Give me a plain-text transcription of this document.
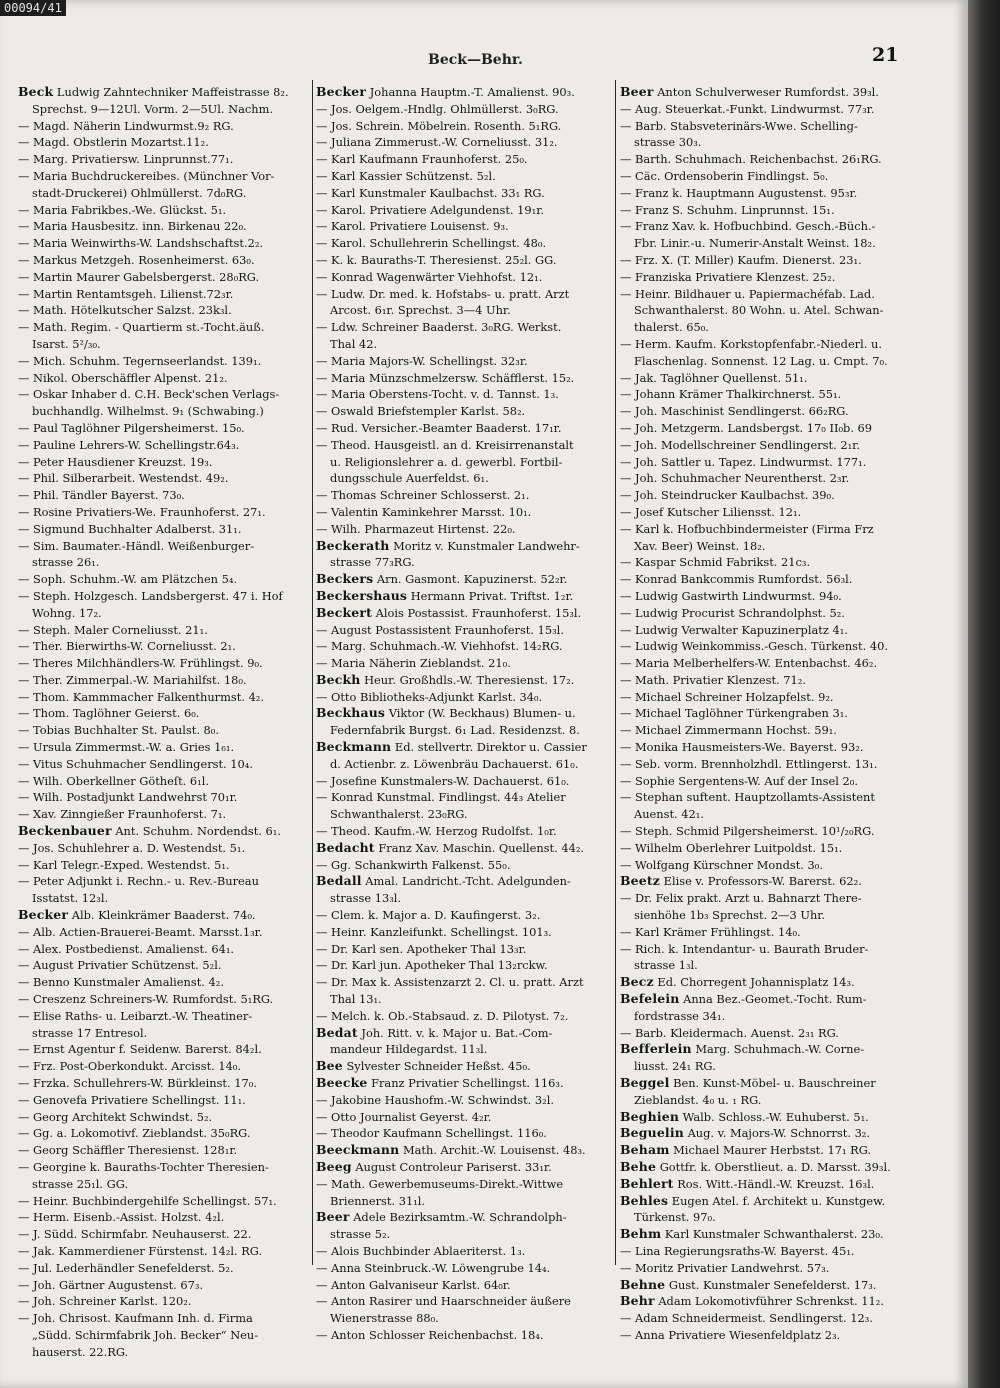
00094/41
Beck—Behr.	21
Beck Ludwig Zahntechniker Maffeistrasse 8₂.
Sprechst. 9—12Ul. Vorm. 2—5Ul. Nachm.
— Magd. Näherin Lindwurmst.9₂ RG.
— Magd. Obstlerin Mozartst.11₂.
— Marg. Privatiersw. Linprunnst.77₁.
— Maria Buchdruckereibes. (Münchner Vor-
stadt-Druckerei) Ohlmüllerst. 7d₀RG.
— Maria Fabrikbes.-We. Glückst. 5₁.
— Maria Hausbesitz. inn. Birkenau 22₀.
— Maria Weinwirths-W. Landshschaftst.2₂.
— Markus Metzgeh. Rosenheimerst. 63₀.
— Martin Maurer Gabelsbergerst. 28₀RG.
— Martin Rentamtsgeh. Lilienst.72₃r.
— Math. Hötelkutscher Salzst. 23k₃l.
— Math. Regim. - Quartierm st.-Tocht.äuß.
Isarst. 5²/₃₀.
— Mich. Schuhm. Tegernseerlandst. 139₁.
— Nikol. Oberschäffler Alpenst. 21₂.
— Oskar Inhaber d. C.H. Beck'schen Verlags-
buchhandlg. Wilhelmst. 9₁ (Schwabing.)
— Paul Taglöhner Pilgersheimerst. 15₀.
— Pauline Lehrers-W. Schellingstr.64₃.
— Peter Hausdiener Kreuzst. 19₃.
— Phil. Silberarbeit. Westendst. 49₂.
— Phil. Tändler Bayerst. 73₀.
— Rosine Privatiers-We. Fraunhoferst. 27₁.
— Sigmund Buchhalter Adalberst. 31₁.
— Sim. Baumater.-Händl. Weißenburger-
strasse 26₁.
— Soph. Schuhm.-W. am Plätzchen 5₄.
— Steph. Holzgesch. Landsbergerst. 47 i. Hof
Wohng. 17₂.
— Steph. Maler Corneliusst. 21₁.
— Ther. Bierwirths-W. Corneliusst. 2₁.
— Theres Milchhändlers-W. Frühlingst. 9₀.
— Ther. Zimmerpal.-W. Mariahilfst. 18₀.
— Thom. Kammmacher Falkenthurmst. 4₂.
— Thom. Taglöhner Geierst. 6₀.
— Tobias Buchhalter St. Paulst. 8₀.
— Ursula Zimmermst.-W. a. Gries 1₆₁.
— Vitus Schuhmacher Sendlingerst. 10₄.
— Wilh. Oberkellner Götheſt. 6₁l.
— Wilh. Postadjunkt Landwehrst 70₁r.
— Xav. Zinngießer Fraunhoferst. 7₁.
Beckenbauer Ant. Schuhm. Nordendst. 6₁.
— Jos. Schuhlehrer a. D. Westendst. 5₁.
— Karl Telegr.-Exped. Westendst. 5₁.
— Peter Adjunkt i. Rechn.- u. Rev.-Bureau
Isstatst. 12₃l.
Becker Alb. Kleinkrämer Baaderst. 74₀.
— Alb. Actien-Brauerei-Beamt. Marsst.1₃r.
— Alex. Postbedienst. Amalienst. 64₁.
— August Privatier Schützenst. 5₂l.
— Benno Kunstmaler Amalienst. 4₂.
— Creszenz Schreiners-W. Rumfordst. 5₁RG.
— Elise Raths- u. Leibarzt.-W. Theatiner-
strasse 17 Entresol.
— Ernst Agentur f. Seidenw. Barerst. 84₂l.
— Frz. Post-Oberkondukt. Arcisst. 14₀.
— Frzka. Schullehrers-W. Bürkleinst. 17₀.
— Genovefa Privatiere Schellingst. 11₁.
— Georg Architekt Schwindst. 5₂.
— Gg. a. Lokomotivf. Zieblandst. 35₀RG.
— Georg Schäffler Theresienst. 128₁r.
— Georgine k. Bauraths-Tochter Theresien-
strasse 25₁l. GG.
— Heinr. Buchbindergehilfe Schellingst. 57₁.
— Herm. Eisenb.-Assist. Holzst. 4₂l.
— J. Südd. Schirmfabr. Neuhauserst. 22.
— Jak. Kammerdiener Fürstenst. 14₂l. RG.
— Jul. Lederhändler Senefelderst. 5₂.
— Joh. Gärtner Augustenst. 67₃.
— Joh. Schreiner Karlst. 120₂.
— Joh. Chrisost. Kaufmann Inh. d. Firma
„Südd. Schirmfabrik Joh. Becker“ Neu-
hauserst. 22.RG.
Becker Johanna Hauptm.-T. Amalienst. 90₃.
— Jos. Oelgem.-Hndlg. Ohlmüllerst. 3₀RG.
— Jos. Schrein. Möbelrein. Rosenth. 5₁RG.
— Juliana Zimmerust.-W. Corneliusst. 31₂.
— Karl Kaufmann Fraunhoferst. 25₀.
— Karl Kassier Schützenst. 5₂l.
— Karl Kunstmaler Kaulbachst. 33₁ RG.
— Karol. Privatiere Adelgundenst. 19₁r.
— Karol. Privatiere Louisenst. 9₃.
— Karol. Schullehrerin Schellingst. 48₀.
— K. k. Bauraths-T. Theresienst. 25₂l. GG.
— Konrad Wagenwärter Viehhofst. 12₁.
— Ludw. Dr. med. k. Hofstabs- u. pratt. Arzt
Arcost. 6₁r. Sprechst. 3—4 Uhr.
— Ldw. Schreiner Baaderst. 3₀RG. Werkst.
Thal 42.
— Maria Majors-W. Schellingst. 32₃r.
— Maria Münzschmelzersw. Schäfflerst. 15₂.
— Maria Oberstens-Tocht. v. d. Tannst. 1₃.
— Oswald Briefstempler Karlst. 58₂.
— Rud. Versicher.-Beamter Baaderst. 17₁r.
— Theod. Hausgeistl. an d. Kreisirrenanstalt
u. Religionslehrer a. d. gewerbl. Fortbil-
dungsschule Auerfeldst. 6₁.
— Thomas Schreiner Schlosserst. 2₁.
— Valentin Kaminkehrer Marsst. 10₁.
— Wilh. Pharmazeut Hirtenst. 22₀.
Beckerath Moritz v. Kunstmaler Landwehr-
strasse 77₃RG.
Beckers Arn. Gasmont. Kapuzinerst. 52₂r.
Beckershaus Hermann Privat. Triftst. 1₂r.
Beckert Alois Postassist. Fraunhoferst. 15₃l.
— August Postassistent Fraunhoferst. 15₃l.
— Marg. Schuhmach.-W. Viehhofst. 14₂RG.
— Maria Näherin Zieblandst. 21₀.
Beckh Heur. Großhdls.-W. Theresienst. 17₂.
— Otto Bibliotheks-Adjunkt Karlst. 34₀.
Beckhaus Viktor (W. Beckhaus) Blumen- u.
Federnfabrik Burgst. 6₁ Lad. Residenzst. 8.
Beckmann Ed. stellvertr. Direktor u. Cassier
d. Actienbr. z. Löwenbräu Dachauerst. 61₀.
— Josefine Kunstmalers-W. Dachauerst. 61₀.
— Konrad Kunstmal. Findlingst. 44₃ Atelier
Schwanthalerst. 23₀RG.
— Theod. Kaufm.-W. Herzog Rudolfst. 1₀r.
Bedacht Franz Xav. Maschin. Quellenst. 44₂.
— Gg. Schankwirth Falkenst. 55₀.
Bedall Amal. Landricht.-Tcht. Adelgunden-
strasse 13₃l.
— Clem. k. Major a. D. Kaufingerst. 3₂.
— Heinr. Kanzleifunkt. Schellingst. 101₃.
— Dr. Karl sen. Apotheker Thal 13₃r.
— Dr. Karl jun. Apotheker Thal 13₂rckw.
— Dr. Max k. Assistenzarzt 2. Cl. u. pratt. Arzt
Thal 13₁.
— Melch. k. Ob.-Stabsaud. z. D. Pilotyst. 7₂.
Bedat Joh. Ritt. v. k. Major u. Bat.-Com-
mandeur Hildegardst. 11₃l.
Bee Sylvester Schneider Heßst. 45₀.
Beecke Franz Privatier Schellingst. 116₃.
— Jakobine Haushofm.-W. Schwindst. 3₂l.
— Otto Journalist Geyerst. 4₂r.
— Theodor Kaufmann Schellingst. 116₀.
Beeckmann Math. Archit.-W. Louisenst. 48₃.
Beeg August Controleur Pariserst. 33₁r.
— Math. Gewerbemuseums-Direkt.-Wittwe
Briennerst. 31₁l.
Beer Adele Bezirksamtm.-W. Schrandolph-
strasse 5₂.
— Alois Buchbinder Ablaeriterst. 1₃.
— Anna Steinbruck.-W. Löwengrube 14₄.
— Anton Galvaniseur Karlst. 64₀r.
— Anton Rasirer und Haarschneider äußere
Wienerstrasse 88₀.
— Anton Schlosser Reichenbachst. 18₄.
Beer Anton Schulverweser Rumfordst. 39₃l.
— Aug. Steuerkat.-Funkt. Lindwurmst. 77₃r.
— Barb. Stabsveterinärs-Wwe. Schelling-
strasse 30₃.
— Barth. Schuhmach. Reichenbachst. 26₁RG.
— Cäc. Ordensoberin Findlingst. 5₀.
— Franz k. Hauptmann Augustenst. 95₃r.
— Franz S. Schuhm. Linprunnst. 15₁.
— Franz Xav. k. Hofbuchbind. Gesch.-Büch.-
Fbr. Linir.-u. Numerir-Anstalt Weinst. 18₂.
— Frz. X. (T. Miller) Kaufm. Dienerst. 23₁.
— Franziska Privatiere Klenzest. 25₂.
— Heinr. Bildhauer u. Papiermachéfab. Lad.
Schwanthalerst. 80 Wohn. u. Atel. Schwan-
thalerst. 65₀.
— Herm. Kaufm. Korkstopfenfabr.-Niederl. u.
Flaschenlag. Sonnenst. 12 Lag. u. Cmpt. 7₀.
— Jak. Taglöhner Quellenst. 51₁.
— Johann Krämer Thalkirchnerst. 55₁.
— Joh. Maschinist Sendlingerst. 66₂RG.
— Joh. Metzgerm. Landsbergst. 17₀ II₀b. 69
— Joh. Modellschreiner Sendlingerst. 2₁r.
— Joh. Sattler u. Tapez. Lindwurmst. 177₁.
— Joh. Schuhmacher Neurentherst. 2₃r.
— Joh. Steindrucker Kaulbachst. 39₀.
— Josef Kutscher Liliensst. 12₁.
— Karl k. Hofbuchbindermeister (Firma Frz
Xav. Beer) Weinst. 18₂.
— Kaspar Schmid Fabrikst. 21c₃.
— Konrad Bankcommis Rumfordst. 56₃l.
— Ludwig Gastwirth Lindwurmst. 94₀.
— Ludwig Procurist Schrandolphst. 5₂.
— Ludwig Verwalter Kapuzinerplatz 4₁.
— Ludwig Weinkommiss.-Gesch. Türkenst. 40.
— Maria Melberhelfers-W. Entenbachst. 46₂.
— Math. Privatier Klenzest. 71₂.
— Michael Schreiner Holzapfelst. 9₂.
— Michael Taglöhner Türkengraben 3₁.
— Michael Zimmermann Hochst. 59₁.
— Monika Hausmeisters-We. Bayerst. 93₂.
— Seb. vorm. Brennholzhdl. Ettlingerst. 13₁.
— Sophie Sergentens-W. Auf der Insel 2₀.
— Stephan suftent. Hauptzollamts-Assistent
Auenst. 42₁.
— Steph. Schmid Pilgersheimerst. 10¹/₂₀RG.
— Wilhelm Oberlehrer Luitpoldst. 15₁.
— Wolfgang Kürschner Mondst. 3₀.
Beetz Elise v. Professors-W. Barerst. 62₂.
— Dr. Felix prakt. Arzt u. Bahnarzt There-
sienhöhe 1b₃ Sprechst. 2—3 Uhr.
— Karl Krämer Frühlingst. 14₀.
— Rich. k. Intendantur- u. Baurath Bruder-
strasse 1₃l.
Becz Ed. Chorregent Johannisplatz 14₃.
Befelein Anna Bez.-Geomet.-Tocht. Rum-
fordstrasse 34₁.
— Barb. Kleidermach. Auenst. 2₃₁ RG.
Befferlein Marg. Schuhmach.-W. Corne-
liusst. 24₁ RG.
Beggel Ben. Kunst-Möbel- u. Bauschreiner
Zieblandst. 4₀ u. ₁ RG.
Beghien Walb. Schloss.-W. Euhuberst. 5₁.
Beguelin Aug. v. Majors-W. Schnorrst. 3₂.
Beham Michael Maurer Herbstst. 17₁ RG.
Behe Gottfr. k. Oberstlieut. a. D. Marsst. 39₃l.
Behlert Ros. Witt.-Händl.-W. Kreuzst. 16₃l.
Behles Eugen Atel. f. Architekt u. Kunstgew.
Türkenst. 97₀.
Behm Karl Kunstmaler Schwanthalerst. 23₀.
— Lina Regierungsraths-W. Bayerst. 45₁.
— Moritz Privatier Landwehrst. 57₃.
Behne Gust. Kunstmaler Senefelderst. 17₃.
Behr Adam Lokomotivführer Schrenkst. 11₂.
— Adam Schneidermeist. Sendlingerst. 12₃.
— Anna Privatiere Wiesenfeldplatz 2₃.
